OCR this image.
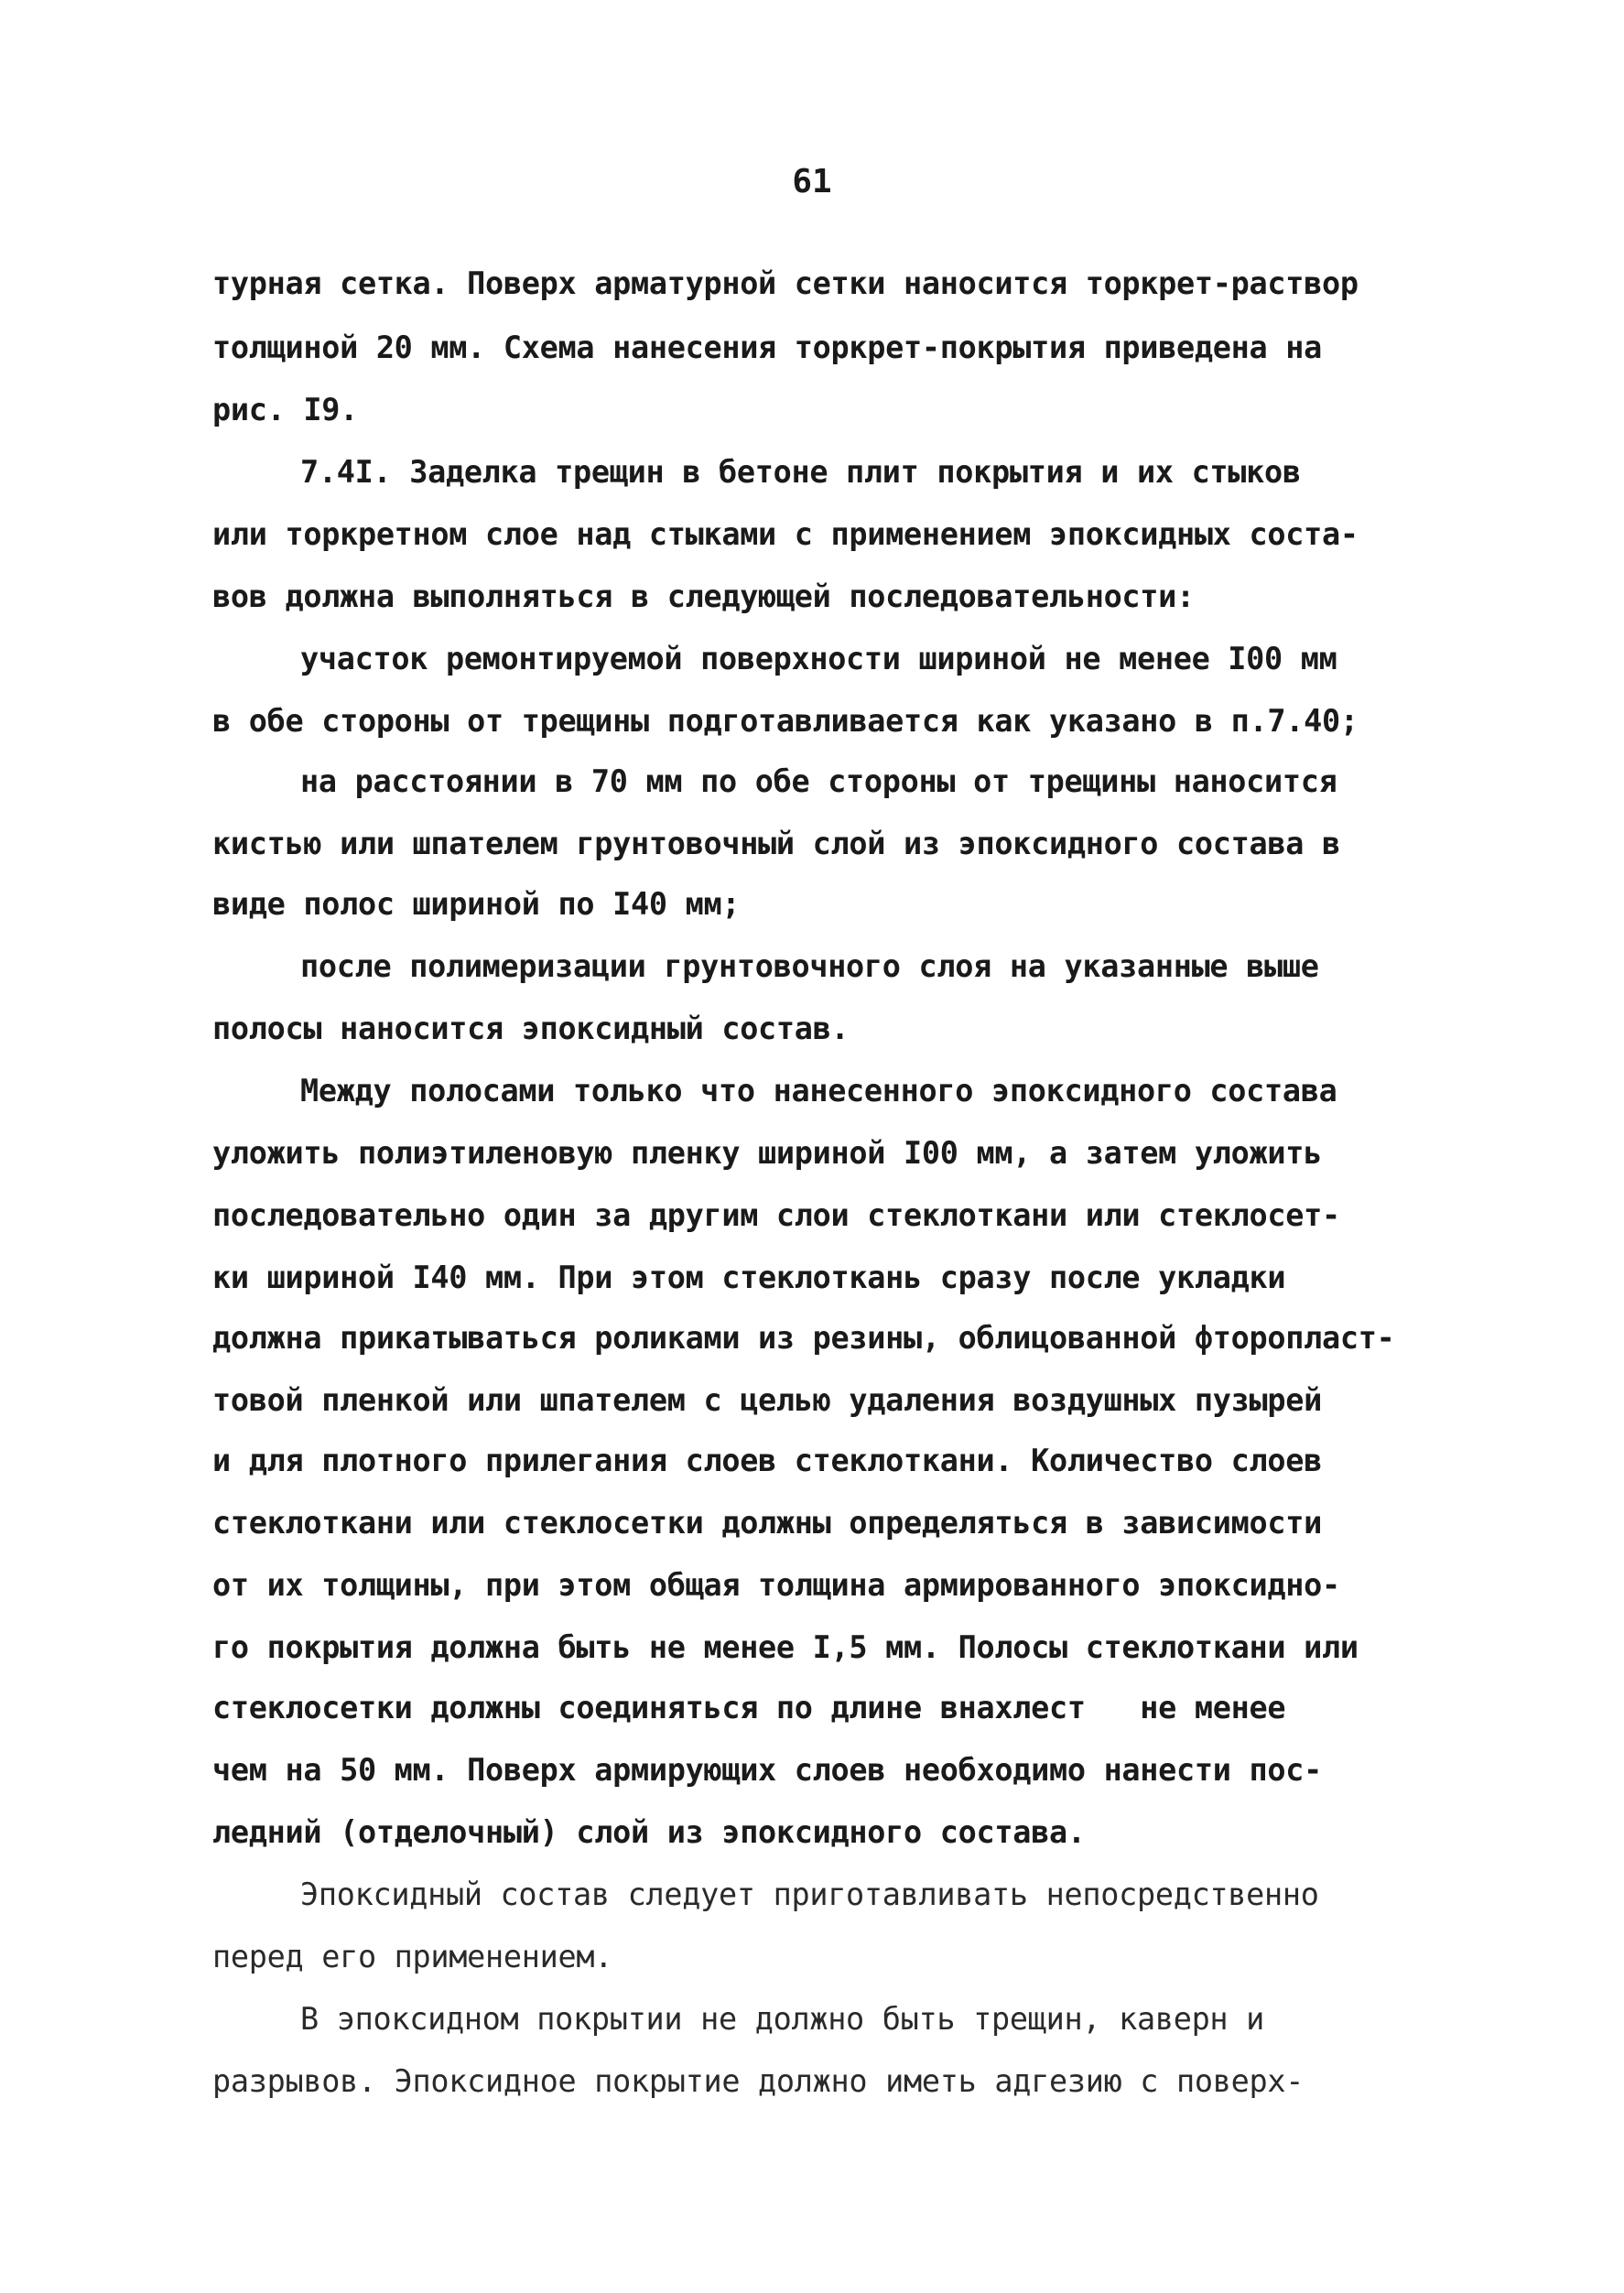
61
турная сетка. Поверх арматурной сетки наносится торкрет-раствор
толщиной 20 мм. Схема нанесения торкрет-покрытия приведена на
рис. I9.
7.4I. Заделка трещин в бетоне плит покрытия и их стыков
или торкретном слое над стыками с применением эпоксидных соста-
вов должна выполняться в следующей последовательности:
участок ремонтируемой поверхности шириной не менее I00 мм
в обе стороны от трещины подготавливается как указано в п.7.40;
на расстоянии в 70 мм по обе стороны от трещины наносится
кистью или шпателем грунтовочный слой из эпоксидного состава в
виде полос шириной по I40 мм;
после полимеризации грунтовочного слоя на указанные выше
полосы наносится эпоксидный состав.
Между полосами только что нанесенного эпоксидного состава
уложить полиэтиленовую пленку шириной I00 мм, а затем уложить
последовательно один за другим слои стеклоткани или стеклосет-
ки шириной I40 мм. При этом стеклоткань сразу после укладки
должна прикатываться роликами из резины, облицованной фторопласт-
товой пленкой или шпателем с целью удаления воздушных пузырей
и для плотного прилегания слоев стеклоткани. Количество слоев
стеклоткани или стеклосетки должны определяться в зависимости
от их толщины, при этом общая толщина армированного эпоксидно-
го покрытия должна быть не менее I,5 мм. Полосы стеклоткани или
стеклосетки должны соединяться по длине внахлест   не менее
чем на 50 мм. Поверх армирующих слоев необходимо нанести пос-
ледний (отделочный) слой из эпоксидного состава.
Эпоксидный состав следует приготавливать непосредственно
перед его применением.
В эпоксидном покрытии не должно быть трещин, каверн и
разрывов. Эпоксидное покрытие должно иметь адгезию с поверх-
